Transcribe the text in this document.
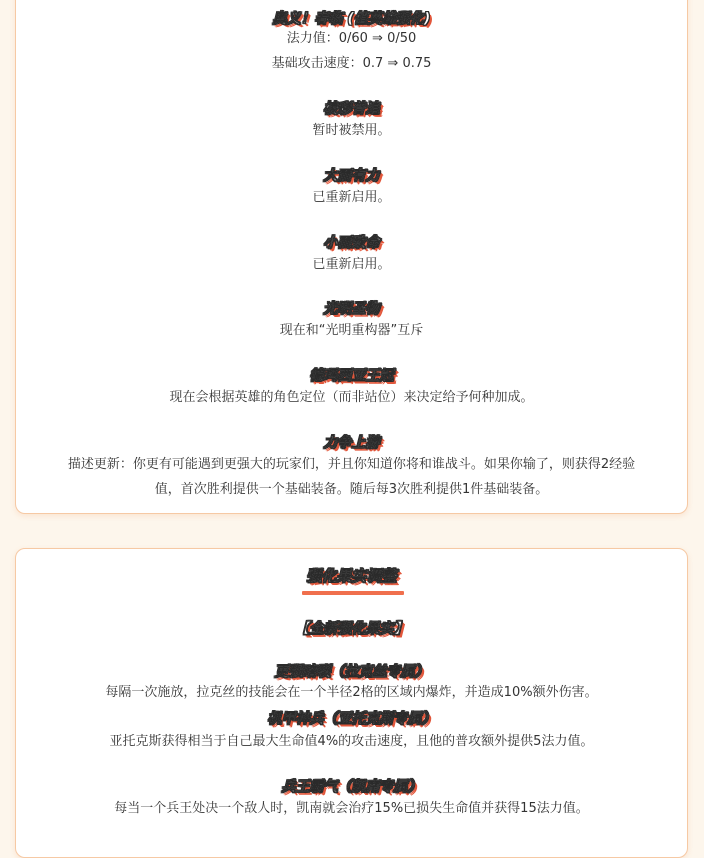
奥义！春临 (值英雄强化)
法力值：0/60 ⇒ 0/50
基础攻击速度：0.7 ⇒ 0.75
棱彩普追
暂时被禁用。
大而有力
已重新启用。
小而致命
已重新启用。
光明圣物
现在和“光明重构器”互斥
德玛西亚王冠
现在会根据英雄的角色定位（而非站位）来决定给予何种加成。
力争上游
描述更新：你更有可能遇到更强大的玩家们，并且你知道你将和谁战斗。如果你输了，则获得2经验
值，首次胜利提供一个基础装备。随后每3次胜利提供1件基础装备。
强化果实调整
【全新强化果实】
更强暗裂（拉克丝专属）
每隔一次施放，拉克丝的技能会在一个半径2格的区域内爆炸，并造成10%额外伤害。
机甲神兵（亚托克斯专属）
亚托克斯获得相当于自己最大生命值4%的攻击速度，且他的普攻额外提供5法力值。
兵王霸气（凯南专属）
每当一个兵王处决一个敌人时，凯南就会治疗15%已损失生命值并获得15法力值。
